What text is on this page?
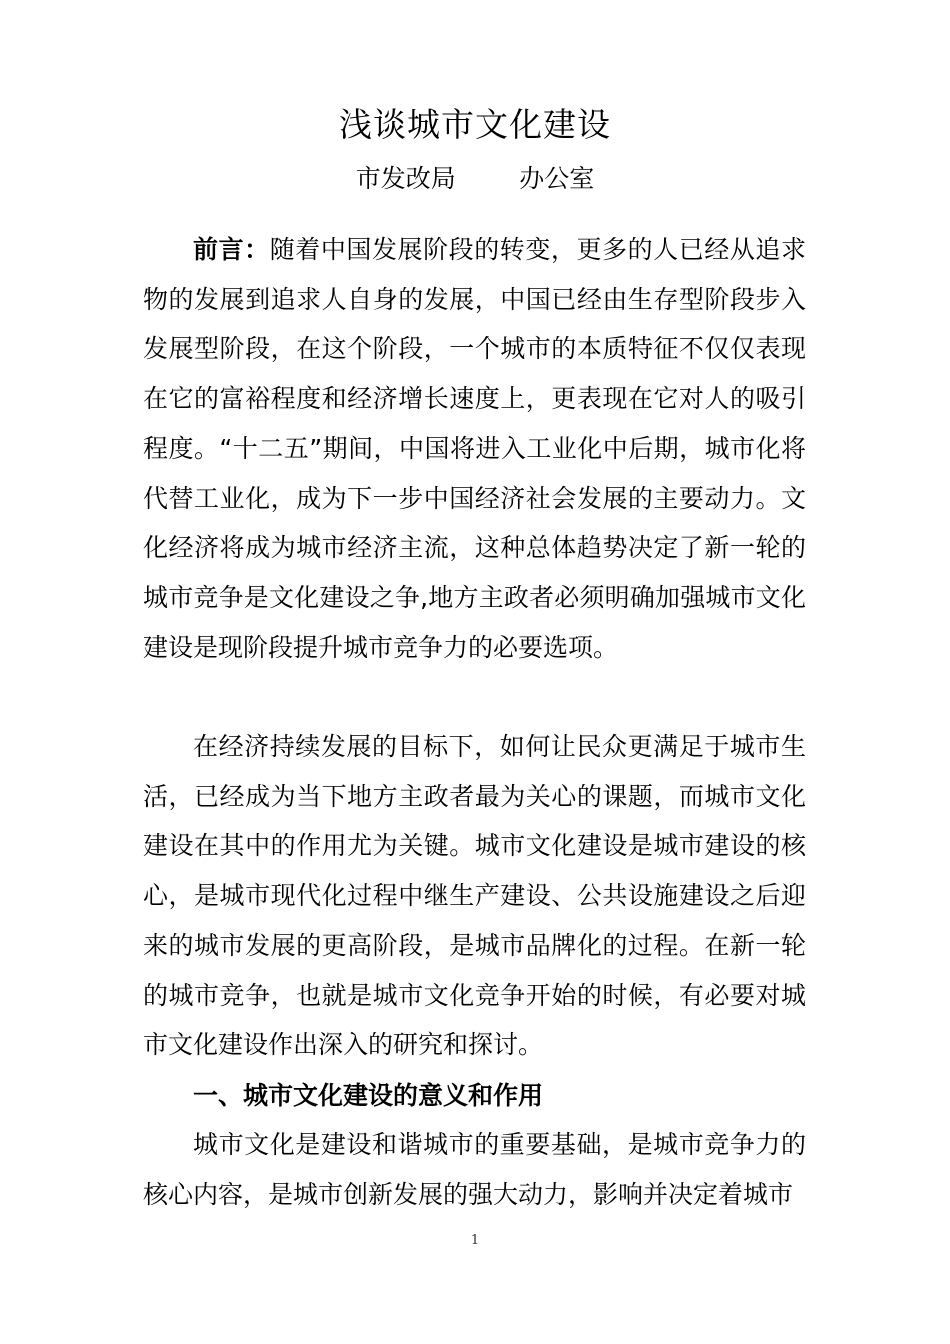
浅谈城市文化建设
市发改局        办公室
前言：随着中国发展阶段的转变，更多的人已经从追求物的发展到追求人自身的发展，中国已经由生存型阶段步入发展型阶段，在这个阶段，一个城市的本质特征不仅仅表现在它的富裕程度和经济增长速度上，更表现在它对人的吸引程度。“十二五”期间，中国将进入工业化中后期，城市化将代替工业化，成为下一步中国经济社会发展的主要动力。文化经济将成为城市经济主流，这种总体趋势决定了新一轮的城市竞争是文化建设之争,地方主政者必须明确加强城市文化建设是现阶段提升城市竞争力的必要选项。
在经济持续发展的目标下，如何让民众更满足于城市生活，已经成为当下地方主政者最为关心的课题，而城市文化建设在其中的作用尤为关键。城市文化建设是城市建设的核心，是城市现代化过程中继生产建设、公共设施建设之后迎来的城市发展的更高阶段，是城市品牌化的过程。在新一轮的城市竞争，也就是城市文化竞争开始的时候，有必要对城市文化建设作出深入的研究和探讨。
一、城市文化建设的意义和作用
城市文化是建设和谐城市的重要基础，是城市竞争力的核心内容，是城市创新发展的强大动力，影响并决定着城市
1
